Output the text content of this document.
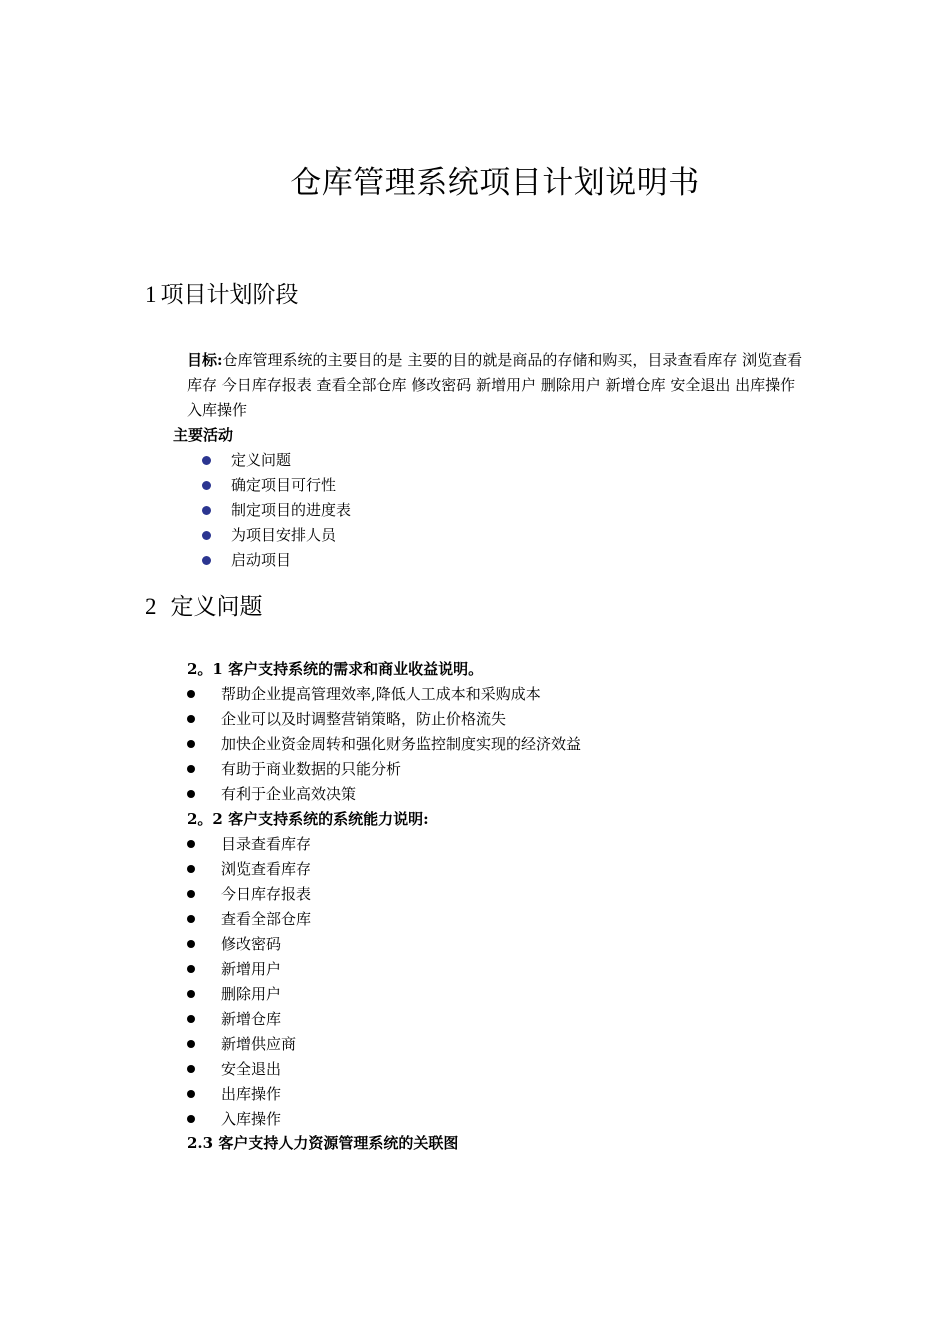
仓库管理系统项目计划说明书
1 项目计划阶段
目标:仓库管理系统的主要目的是 主要的目的就是商品的存储和购买，目录查看库存 浏览查看库存 今日库存报表 查看全部仓库 修改密码 新增用户 删除用户 新增仓库 安全退出 出库操作 入库操作
主要活动
定义问题
确定项目可行性
制定项目的进度表
为项目安排人员
启动项目
2 定义问题
2。1 客户支持系统的需求和商业收益说明。
帮助企业提高管理效率,降低人工成本和采购成本
企业可以及时调整营销策略，防止价格流失
加快企业资金周转和强化财务监控制度实现的经济效益
有助于商业数据的只能分析
有利于企业高效决策
2。2 客户支持系统的系统能力说明:
目录查看库存
浏览查看库存
今日库存报表
查看全部仓库
修改密码
新增用户
删除用户
新增仓库
新增供应商
安全退出
出库操作
入库操作
2.3 客户支持人力资源管理系统的关联图
